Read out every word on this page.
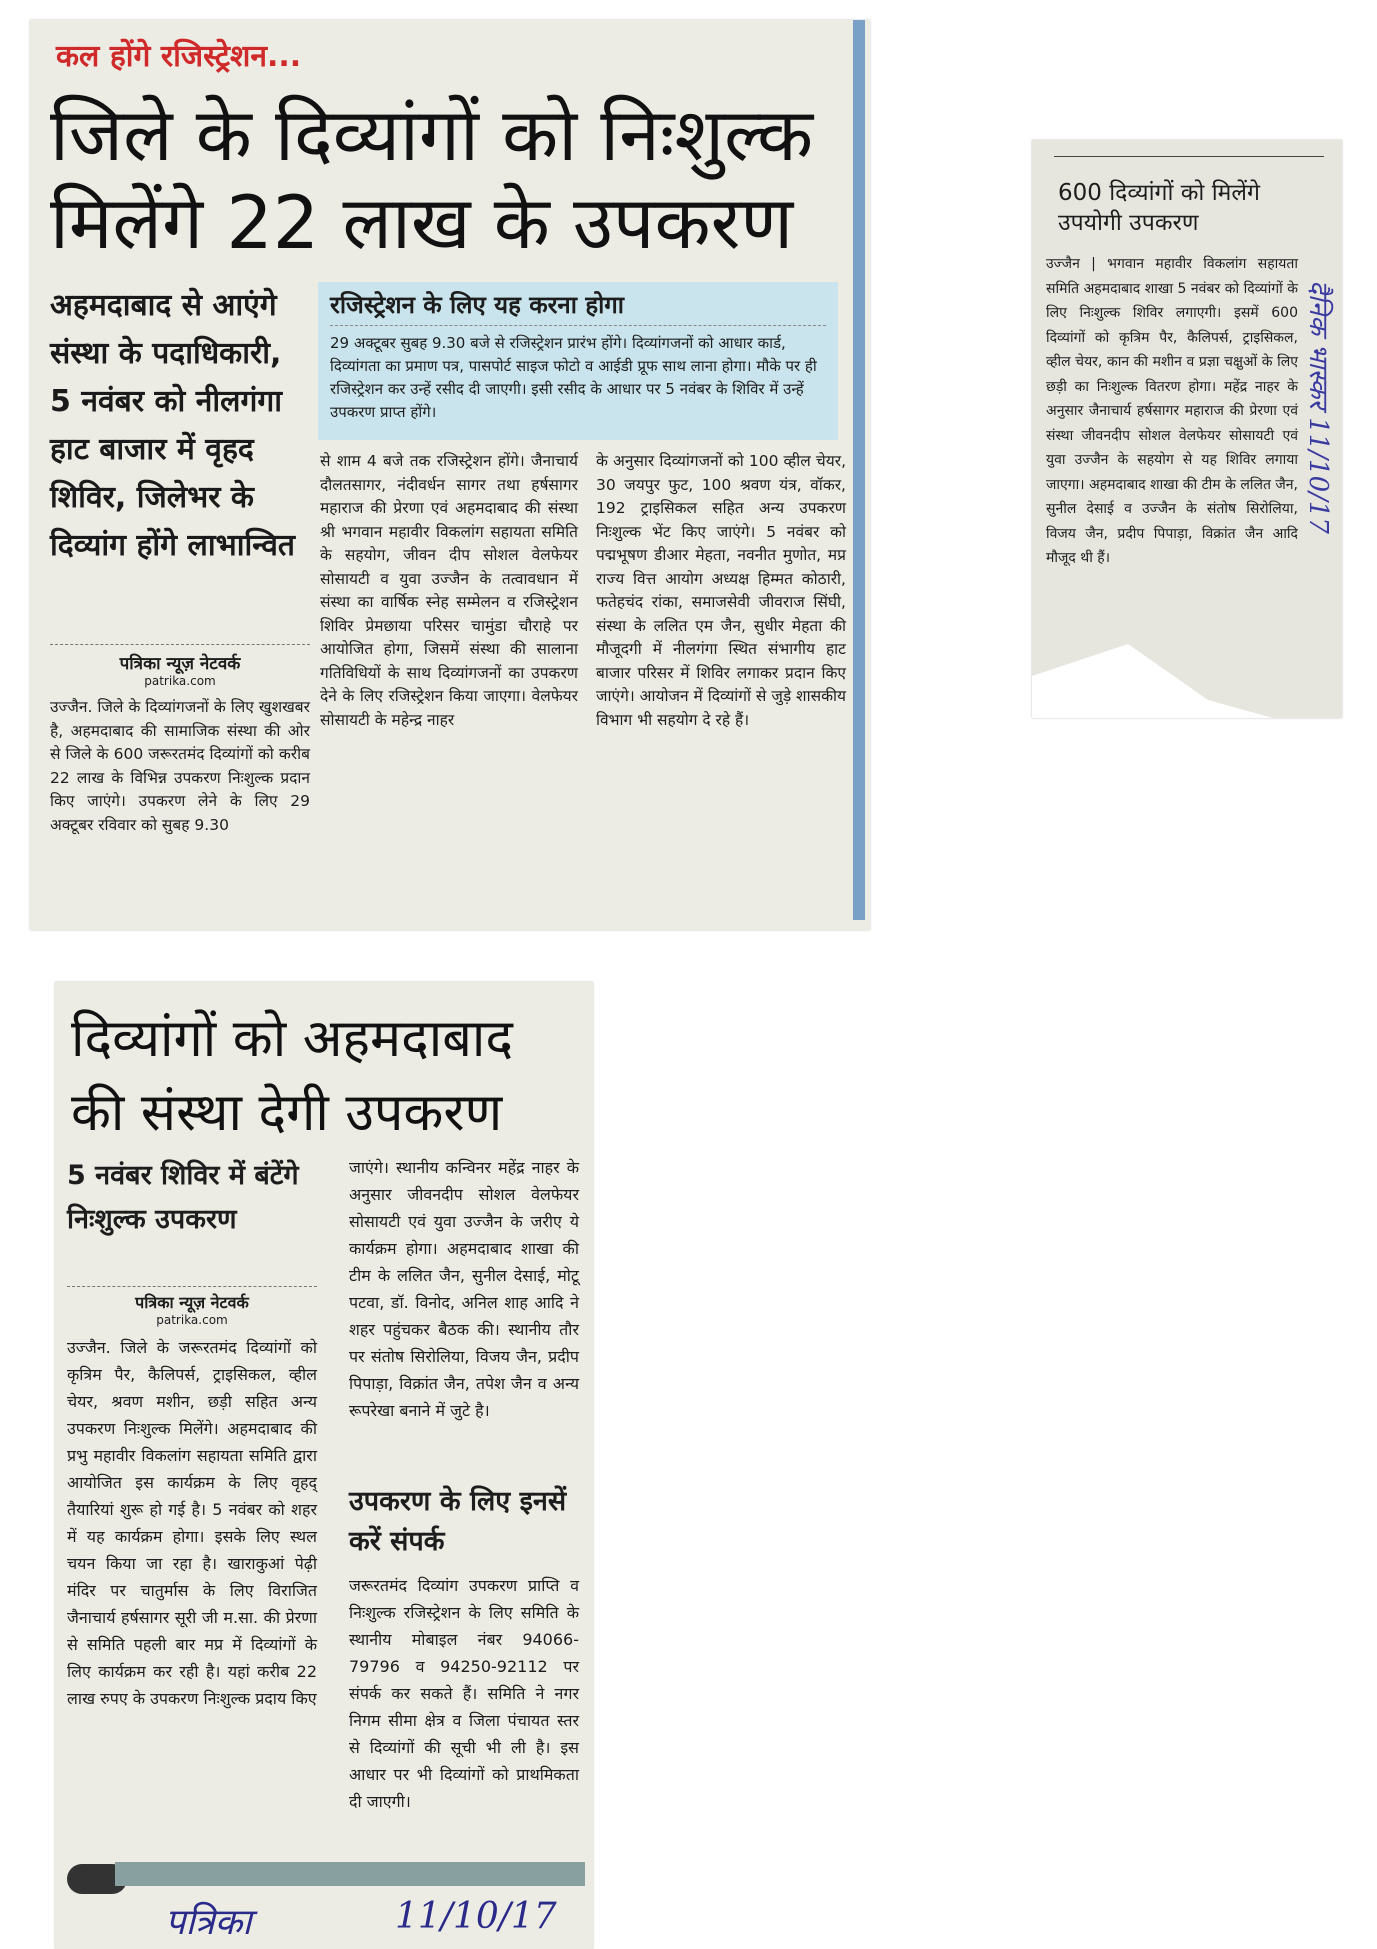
कल होंगे रजिस्ट्रेशन...
जिले के दिव्यांगों को निःशुल्क मिलेंगे 22 लाख के उपकरण
अहमदाबाद से आएंगे संस्था के पदाधिकारी, 5 नवंबर को नीलगंगा हाट बाजार में वृहद शिविर, जिलेभर के दिव्यांग होंगे लाभान्वित
रजिस्ट्रेशन के लिए यह करना होगा
29 अक्टूबर सुबह 9.30 बजे से रजिस्ट्रेशन प्रारंभ होंगे। दिव्यांगजनों को आधार कार्ड, दिव्यांगता का प्रमाण पत्र, पासपोर्ट साइज फोटो व आईडी प्रूफ साथ लाना होगा। मौके पर ही रजिस्ट्रेशन कर उन्हें रसीद दी जाएगी। इसी रसीद के आधार पर 5 नवंबर के शिविर में उन्हें उपकरण प्राप्त होंगे।
पत्रिका न्यूज़ नेटवर्क
patrika.com
उज्जैन. जिले के दिव्यांगजनों के लिए खुशखबर है, अहमदाबाद की सामाजिक संस्था की ओर से जिले के 600 जरूरतमंद दिव्यांगों को करीब 22 लाख के विभिन्न उपकरण निःशुल्क प्रदान किए जाएंगे। उपकरण लेने के लिए 29 अक्टूबर रविवार को सुबह 9.30
से शाम 4 बजे तक रजिस्ट्रेशन होंगे। जैनाचार्य दौलतसागर, नंदीवर्धन सागर तथा हर्षसागर महाराज की प्रेरणा एवं अहमदाबाद की संस्था श्री भगवान महावीर विकलांग सहायता समिति के सहयोग, जीवन दीप सोशल वेलफेयर सोसायटी व युवा उज्जैन के तत्वावधान में संस्था का वार्षिक स्नेह सम्मेलन व रजिस्ट्रेशन शिविर प्रेमछाया परिसर चामुंडा चौराहे पर आयोजित होगा, जिसमें संस्था की सालाना गतिविधियों के साथ दिव्यांगजनों का उपकरण देने के लिए रजिस्ट्रेशन किया जाएगा। वेलफेयर सोसायटी के महेन्द्र नाहर
के अनुसार दिव्यांगजनों को 100 व्हील चेयर, 30 जयपुर फुट, 100 श्रवण यंत्र, वॉकर, 192 ट्राइसिकल सहित अन्य उपकरण निःशुल्क भेंट किए जाएंगे। 5 नवंबर को पद्मभूषण डीआर मेहता, नवनीत मुणोत, मप्र राज्य वित्त आयोग अध्यक्ष हिम्मत कोठारी, फतेहचंद रांका, समाजसेवी जीवराज सिंघी, संस्था के ललित एम जैन, सुधीर मेहता की मौजूदगी में नीलगंगा स्थित संभागीय हाट बाजार परिसर में शिविर लगाकर प्रदान किए जाएंगे। आयोजन में दिव्यांगों से जुड़े शासकीय विभाग भी सहयोग दे रहे हैं।
600 दिव्यांगों को मिलेंगे उपयोगी उपकरण
उज्जैन | भगवान महावीर विकलांग सहायता समिति अहमदाबाद शाखा 5 नवंबर को दिव्यांगों के लिए निःशुल्क शिविर लगाएगी। इसमें 600 दिव्यांगों को कृत्रिम पैर, कैलिपर्स, ट्राइसिकल, व्हील चेयर, कान की मशीन व प्रज्ञा चक्षुओं के लिए छड़ी का निःशुल्क वितरण होगा। महेंद्र नाहर के अनुसार जैनाचार्य हर्षसागर महाराज की प्रेरणा एवं संस्था जीवनदीप सोशल वेलफेयर सोसायटी एवं युवा उज्जैन के सहयोग से यह शिविर लगाया जाएगा। अहमदाबाद शाखा की टीम के ललित जैन, सुनील देसाई व उज्जैन के संतोष सिरोलिया, विजय जैन, प्रदीप पिपाड़ा, विक्रांत जैन आदि मौजूद थी हैं।
दैनिक भास्कर 11/10/17
दिव्यांगों को अहमदाबाद की संस्था देगी उपकरण
5 नवंबर शिविर में बंटेंगे निःशुल्क उपकरण
पत्रिका न्यूज़ नेटवर्क
patrika.com
उज्जैन. जिले के जरूरतमंद दिव्यांगों को कृत्रिम पैर, कैलिपर्स, ट्राइसिकल, व्हील चेयर, श्रवण मशीन, छड़ी सहित अन्य उपकरण निःशुल्क मिलेंगे। अहमदाबाद की प्रभु महावीर विकलांग सहायता समिति द्वारा आयोजित इस कार्यक्रम के लिए वृहद् तैयारियां शुरू हो गई है। 5 नवंबर को शहर में यह कार्यक्रम होगा। इसके लिए स्थल चयन किया जा रहा है। खाराकुआं पेढ़ी मंदिर पर चातुर्मास के लिए विराजित जैनाचार्य हर्षसागर सूरी जी म.सा. की प्रेरणा से समिति पहली बार मप्र में दिव्यांगों के लिए कार्यक्रम कर रही है। यहां करीब 22 लाख रुपए के उपकरण निःशुल्क प्रदाय किए
जाएंगे। स्थानीय कन्विनर महेंद्र नाहर के अनुसार जीवनदीप सोशल वेलफेयर सोसायटी एवं युवा उज्जैन के जरीए ये कार्यक्रम होगा। अहमदाबाद शाखा की टीम के ललित जैन, सुनील देसाई, मोटू पटवा, डॉ. विनोद, अनिल शाह आदि ने शहर पहुंचकर बैठक की। स्थानीय तौर पर संतोष सिरोलिया, विजय जैन, प्रदीप पिपाड़ा, विक्रांत जैन, तपेश जैन व अन्य रूपरेखा बनाने में जुटे है।
उपकरण के लिए इनसें करें संपर्क
जरूरतमंद दिव्यांग उपकरण प्राप्ति व निःशुल्क रजिस्ट्रेशन के लिए समिति के स्थानीय मोबाइल नंबर 94066-79796 व 94250-92112 पर संपर्क कर सकते हैं। समिति ने नगर निगम सीमा क्षेत्र व जिला पंचायत स्तर से दिव्यांगों की सूची भी ली है। इस आधार पर भी दिव्यांगों को प्राथमिकता दी जाएगी।
पत्रिका	11/10/17
